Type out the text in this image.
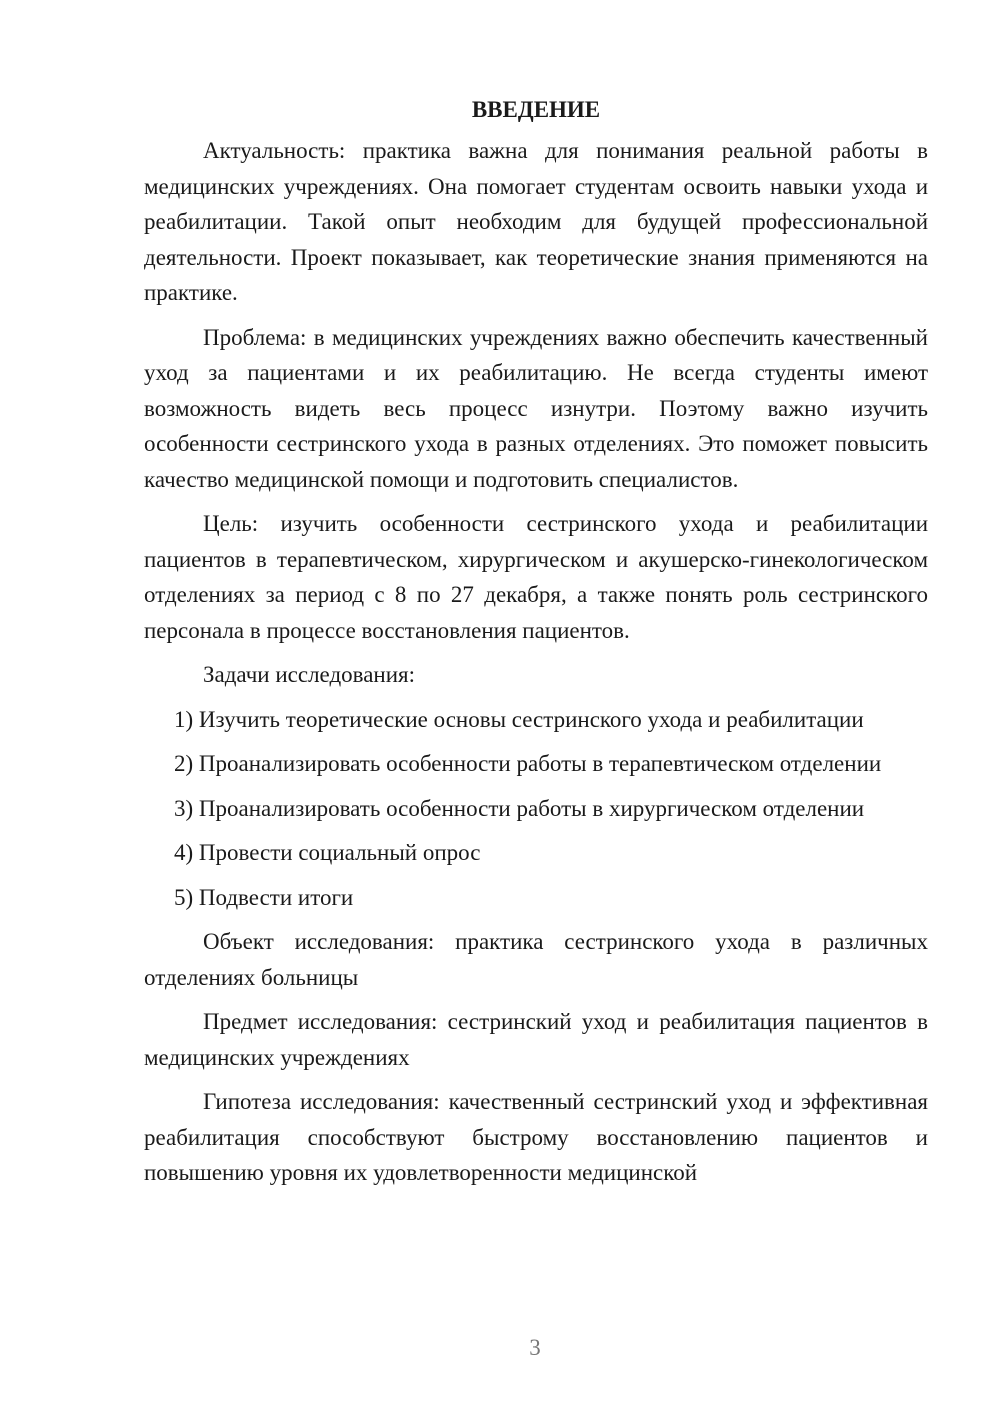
ВВЕДЕНИЕ

Актуальность: практика важна для понимания реальной работы в медицинских учреждениях. Она помогает студентам освоить навыки ухода и реабилитации. Такой опыт необходим для будущей профессиональной деятельности. Проект показывает, как теоретические знания применяются на практике.

Проблема: в медицинских учреждениях важно обеспечить качественный уход за пациентами и их реабилитацию. Не всегда студенты имеют возможность видеть весь процесс изнутри. Поэтому важно изучить особенности сестринского ухода в разных отделениях. Это поможет повысить качество медицинской помощи и подготовить специалистов.

Цель: изучить особенности сестринского ухода и реабилитации пациентов в терапевтическом, хирургическом и акушерско-гинекологическом отделениях за период с 8 по 27 декабря, а также понять роль сестринского персонала в процессе восстановления пациентов.

Задачи исследования:

1) Изучить теоретические основы сестринского ухода и реабилитации

2) Проанализировать особенности работы в терапевтическом отделении

3) Проанализировать особенности работы в хирургическом отделении

4) Провести социальный опрос

5) Подвести итоги

Объект исследования: практика сестринского ухода в различных отделениях больницы

Предмет исследования: сестринский уход и реабилитация пациентов в медицинских учреждениях

Гипотеза исследования: качественный сестринский уход и эффективная реабилитация способствуют быстрому восстановлению пациентов и повышению уровня их удовлетворенности медицинской

3
